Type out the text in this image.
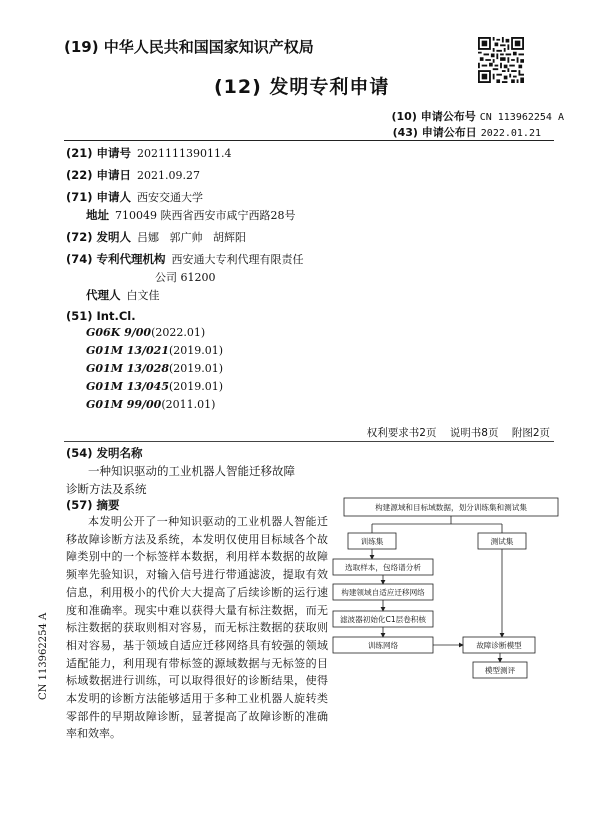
(19) 中华人民共和国国家知识产权局
(12) 发明专利申请
(10) 申请公布号 CN 113962254 A
(43) 申请公布日 2022.01.21
(21) 申请号 202111139011.4
(22) 申请日 2021.09.27
(71) 申请人 西安交通大学
地址 710049 陕西省西安市咸宁西路28号
(72) 发明人 吕娜   郭广帅   胡辉阳
(74) 专利代理机构 西安通大专利代理有限责任
公司 61200
代理人 白文佳
(51) Int.Cl.
G06K 9/00(2022.01)
G01M 13/021(2019.01)
G01M 13/028(2019.01)
G01M 13/045(2019.01)
G01M 99/00(2011.01)
权利要求书2页 说明书8页 附图2页
(54) 发明名称
一种知识驱动的工业机器人智能迁移故障
诊断方法及系统
(57) 摘要

本发明公开了一种知识驱动的工业机器人智能迁移故障诊断方法及系统，本发明仅使用目标域各个故障类别中的一个标签样本数据，利用样本数据的故障频率先验知识，对输入信号进行带通滤波，提取有效信息，利用极小的代价大大提高了后续诊断的运行速度和准确率。现实中难以获得大量有标注数据，而无标注数据的获取则相对容易，而无标注数据的获取则相对容易，基于领域自适应迁移网络具有较强的领域适配能力，利用现有带标签的源域数据与无标签的目标域数据进行训练，可以取得很好的诊断结果，使得本发明的诊断方法能够适用于多种工业机器人旋转类零部件的早期故障诊断，显著提高了故障诊断的准确率和效率。

构建源域和目标域数据，划分训练集和测试集
训练集	测试集
选取样本，包络谱分析
构建领域自适应迁移网络
滤波器初始化C1层卷积核
训练网络	故障诊断模型
模型测评
CN 113962254 A
